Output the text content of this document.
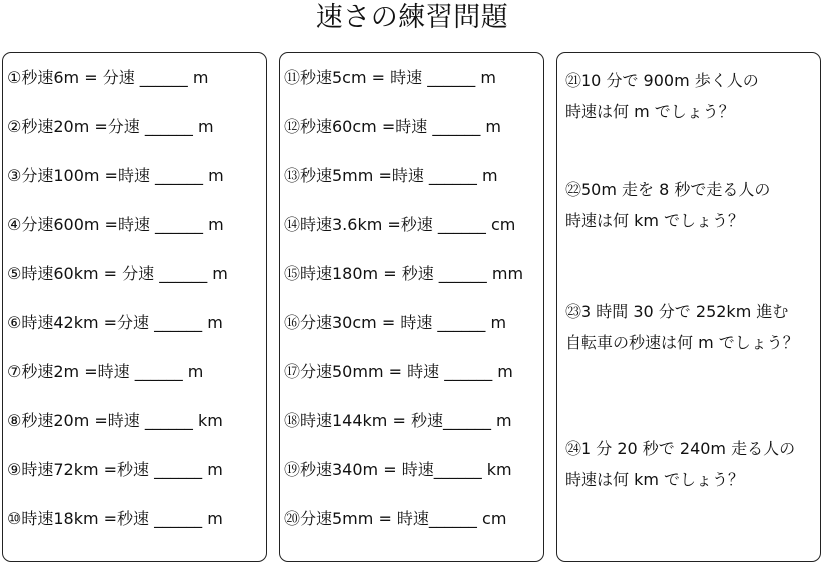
速さの練習問題
①秒速6m = 分速 ______ m
②秒速20m =分速 ______ m
③分速100m =時速 ______ m
④分速600m =時速 ______ m
⑤時速60km = 分速 ______ m
⑥時速42km =分速 ______ m
⑦秒速2m =時速 ______ m
⑧秒速20m =時速 ______ km
⑨時速72km =秒速 ______ m
⑩時速18km =秒速 ______ m
⑪秒速5cm = 時速 ______ m
⑫秒速60cm =時速 ______ m
⑬秒速5mm =時速 ______ m
⑭時速3.6km =秒速 ______ cm
⑮時速180m = 秒速 ______ mm
⑯分速30cm = 時速 ______ m
⑰分速50mm = 時速 ______ m
⑱時速144km = 秒速______ m
⑲秒速340m = 時速______ km
⑳分速5mm = 時速______ cm
㉑10 分で 900m 歩く人の
時速は何 m でしょう？
㉒50m 走を 8 秒で走る人の
時速は何 km でしょう？
㉓3 時間 30 分で 252km 進む
自転車の秒速は何 m でしょう？
㉔1 分 20 秒で 240m 走る人の
時速は何 km でしょう？
